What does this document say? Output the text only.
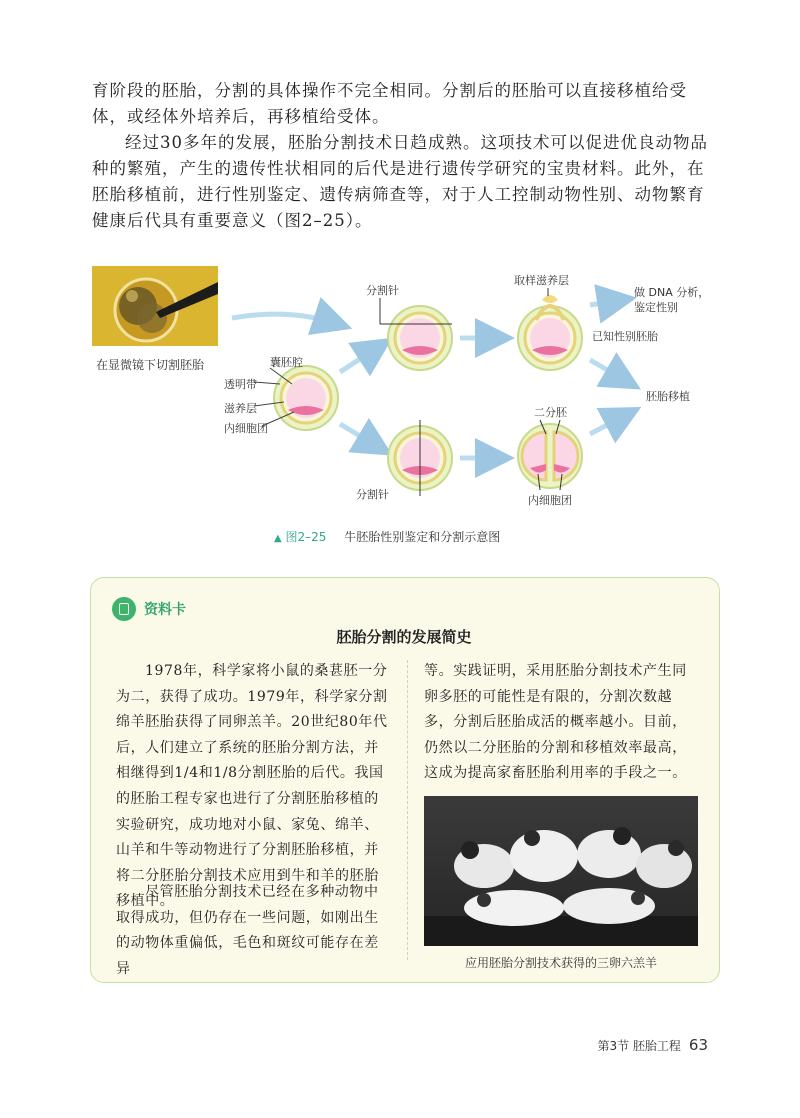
育阶段的胚胎，分割的具体操作不完全相同。分割后的胚胎可以直接移植给受体，或经体外培养后，再移植给受体。

经过30多年的发展，胚胎分割技术日趋成熟。这项技术可以促进优良动物品种的繁殖，产生的遗传性状相同的后代是进行遗传学研究的宝贵材料。此外，在胚胎移植前，进行性别鉴定、遗传病筛查等，对于人工控制动物性别、动物繁育健康后代具有重要意义（图2–25）。

在显微镜下切割胚胎	囊胚腔
透明带
滋养层
内细胞团
分割针
分割针
取样滋养层
做 DNA 分析，
鉴定性别
已知性别胚胎
胚胎移植
二分胚
内细胞团
▲ 图2–25 牛胚胎性别鉴定和分割示意图
资料卡
胚胎分割的发展简史

1978年，科学家将小鼠的桑葚胚一分为二，获得了成功。1979年，科学家分割绵羊胚胎获得了同卵羔羊。20世纪80年代后，人们建立了系统的胚胎分割方法，并相继得到1/4和1/8分割胚胎的后代。我国的胚胎工程专家也进行了分割胚胎移植的实验研究，成功地对小鼠、家兔、绵羊、山羊和牛等动物进行了分割胚胎移植，并将二分胚胎分割技术应用到牛和羊的胚胎移植中。

尽管胚胎分割技术已经在多种动物中取得成功，但仍存在一些问题，如刚出生的动物体重偏低，毛色和斑纹可能存在差异

等。实践证明，采用胚胎分割技术产生同卵多胚的可能性是有限的，分割次数越多，分割后胚胎成活的概率越小。目前，仍然以二分胚胎的分割和移植效率最高，这成为提高家畜胚胎利用率的手段之一。

应用胚胎分割技术获得的三卵六羔羊
第3节 胚胎工程 63
